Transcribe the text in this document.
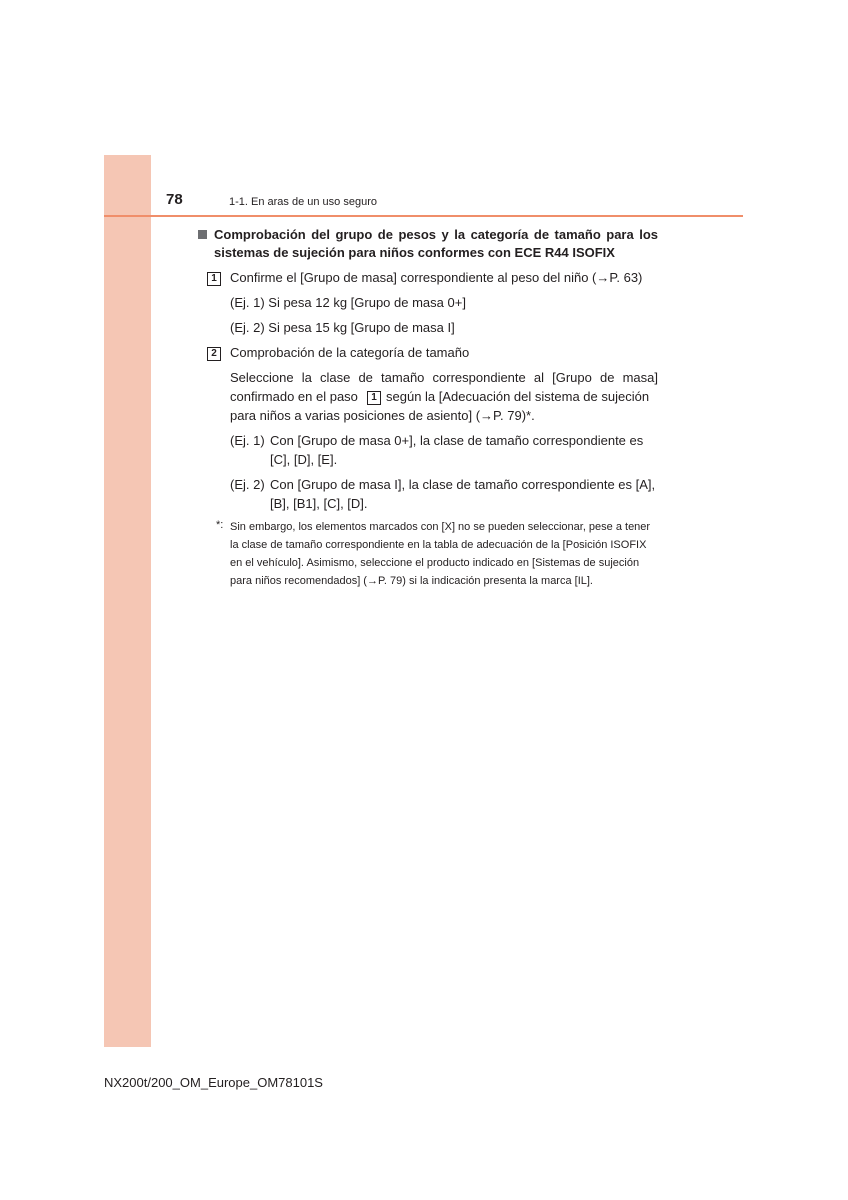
78	1-1. En aras de un uso seguro
Comprobación del grupo de pesos y la categoría de tamaño para los
sistemas de sujeción para niños conformes con ECE R44 ISOFIX
1	Confirme el [Grupo de masa] correspondiente al peso del niño (→P. 63)
(Ej. 1) Si pesa 12 kg [Grupo de masa 0+]
(Ej. 2) Si pesa 15 kg [Grupo de masa I]
2	Comprobación de la categoría de tamaño
Seleccione la clase de tamaño correspondiente al [Grupo de masa]
confirmado en el paso	1 según la [Adecuación del sistema de sujeción
para niños a varias posiciones de asiento] (→P. 79)*.
(Ej. 1) Con [Grupo de masa 0+], la clase de tamaño correspondiente es
[C], [D], [E].
(Ej. 2) Con [Grupo de masa I], la clase de tamaño correspondiente es [A],
[B], [B1], [C], [D].
*: Sin embargo, los elementos marcados con [X] no se pueden seleccionar, pese a tener
la clase de tamaño correspondiente en la tabla de adecuación de la [Posición ISOFIX
en el vehículo]. Asimismo, seleccione el producto indicado en [Sistemas de sujeción
para niños recomendados] (→P. 79) si la indicación presenta la marca [IL].
NX200t/200_OM_Europe_OM78101S
